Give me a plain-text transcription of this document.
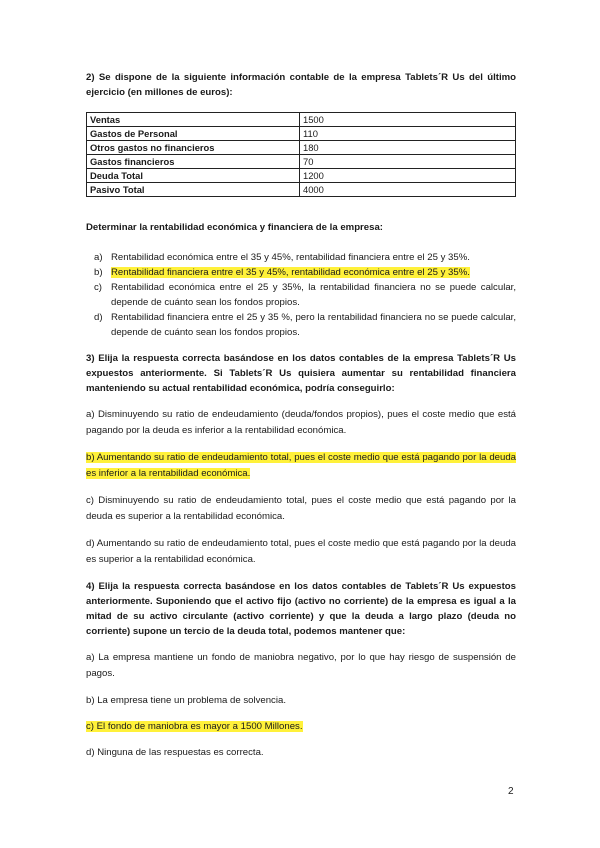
2) Se dispone de la siguiente información contable de la empresa Tablets´R Us del último ejercicio (en millones de euros):

Ventas	1500
Gastos de Personal	110
Otros gastos no financieros	180
Gastos financieros	70
Deuda Total	1200
Pasivo Total	4000

Determinar la rentabilidad económica y financiera de la empresa:

a) Rentabilidad económica entre el 35 y 45%, rentabilidad financiera entre el 25 y 35%.
b) Rentabilidad financiera entre el 35 y 45%, rentabilidad económica entre el 25 y 35%.
c) Rentabilidad económica entre el 25 y 35%, la rentabilidad financiera no se puede calcular, depende de cuánto sean los fondos propios.
d) Rentabilidad financiera entre el 25 y 35 %, pero la rentabilidad financiera no se puede calcular, depende de cuánto sean los fondos propios.

3) Elija la respuesta correcta basándose en los datos contables de la empresa Tablets´R Us expuestos anteriormente. Si Tablets´R Us quisiera aumentar su rentabilidad financiera manteniendo su actual rentabilidad económica, podría conseguirlo:

a) Disminuyendo su ratio de endeudamiento (deuda/fondos propios), pues el coste medio que está pagando por la deuda es inferior a la rentabilidad económica.

b) Aumentando su ratio de endeudamiento total, pues el coste medio que está pagando por la deuda es inferior a la rentabilidad económica.

c) Disminuyendo su ratio de endeudamiento total, pues el coste medio que está pagando por la deuda es superior a la rentabilidad económica.

d) Aumentando su ratio de endeudamiento total, pues el coste medio que está pagando por la deuda es superior a la rentabilidad económica.

4) Elija la respuesta correcta basándose en los datos contables de Tablets´R Us expuestos anteriormente. Suponiendo que el activo fijo (activo no corriente) de la empresa es igual a la mitad de su activo circulante (activo corriente) y que la deuda a largo plazo (deuda no corriente) supone un tercio de la deuda total, podemos mantener que:

a) La empresa mantiene un fondo de maniobra negativo, por lo que hay riesgo de suspensión de pagos.

b) La empresa tiene un problema de solvencia.

c) El fondo de maniobra es mayor a 1500 Millones.

d) Ninguna de las respuestas es correcta.

2
